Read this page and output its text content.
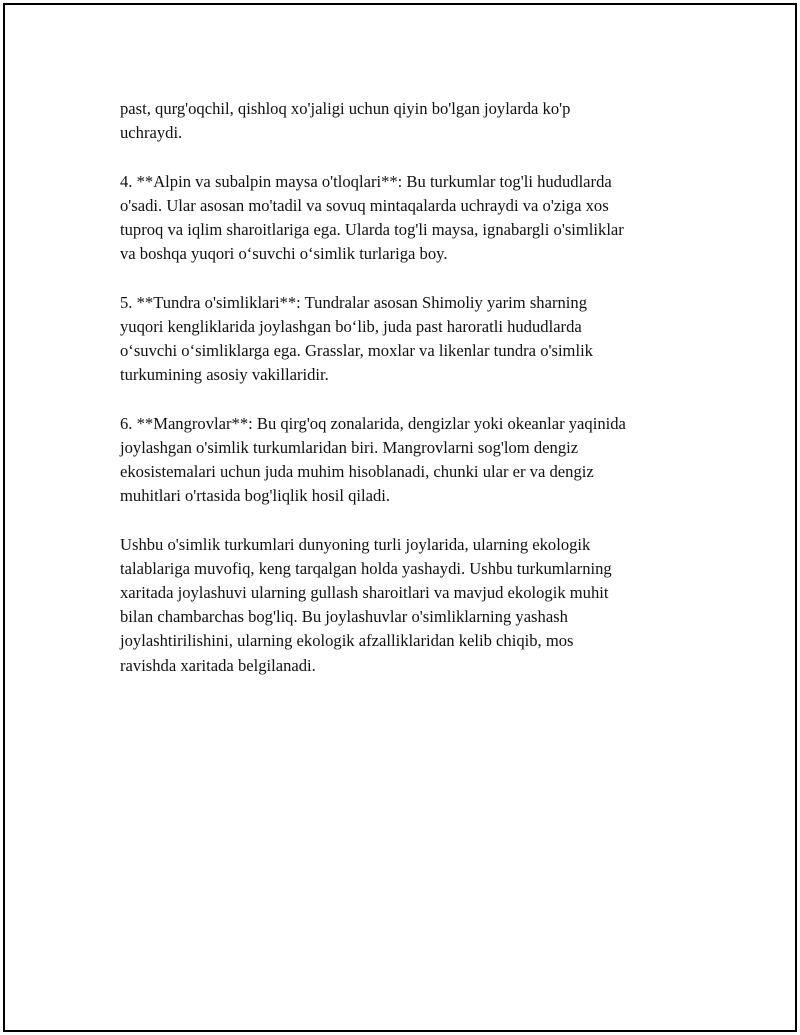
past, qurg'oqchil, qishloq xo'jaligi uchun qiyin bo'lgan joylarda ko'p
uchraydi.

4. **Alpin va subalpin maysa o'tloqlari**: Bu turkumlar tog'li hududlarda
o'sadi. Ular asosan mo'tadil va sovuq mintaqalarda uchraydi va o'ziga xos
tuproq va iqlim sharoitlariga ega. Ularda tog'li maysa, ignabargli o'simliklar
va boshqa yuqori o‘suvchi o‘simlik turlariga boy.

5. **Tundra o'simliklari**: Tundralar asosan Shimoliy yarim sharning
yuqori kengliklarida joylashgan bo‘lib, juda past haroratli hududlarda
o‘suvchi o‘simliklarga ega. Grasslar, moxlar va likenlar tundra o'simlik
turkumining asosiy vakillaridir.

6. **Mangrovlar**: Bu qirg'oq zonalarida, dengizlar yoki okeanlar yaqinida
joylashgan o'simlik turkumlaridan biri. Mangrovlarni sog'lom dengiz
ekosistemalari uchun juda muhim hisoblanadi, chunki ular er va dengiz
muhitlari o'rtasida bog'liqlik hosil qiladi.

Ushbu o'simlik turkumlari dunyoning turli joylarida, ularning ekologik
talablariga muvofiq, keng tarqalgan holda yashaydi. Ushbu turkumlarning
xaritada joylashuvi ularning gullash sharoitlari va mavjud ekologik muhit
bilan chambarchas bog'liq. Bu joylashuvlar o'simliklarning yashash
joylashtirilishini, ularning ekologik afzalliklaridan kelib chiqib, mos
ravishda xaritada belgilanadi.
